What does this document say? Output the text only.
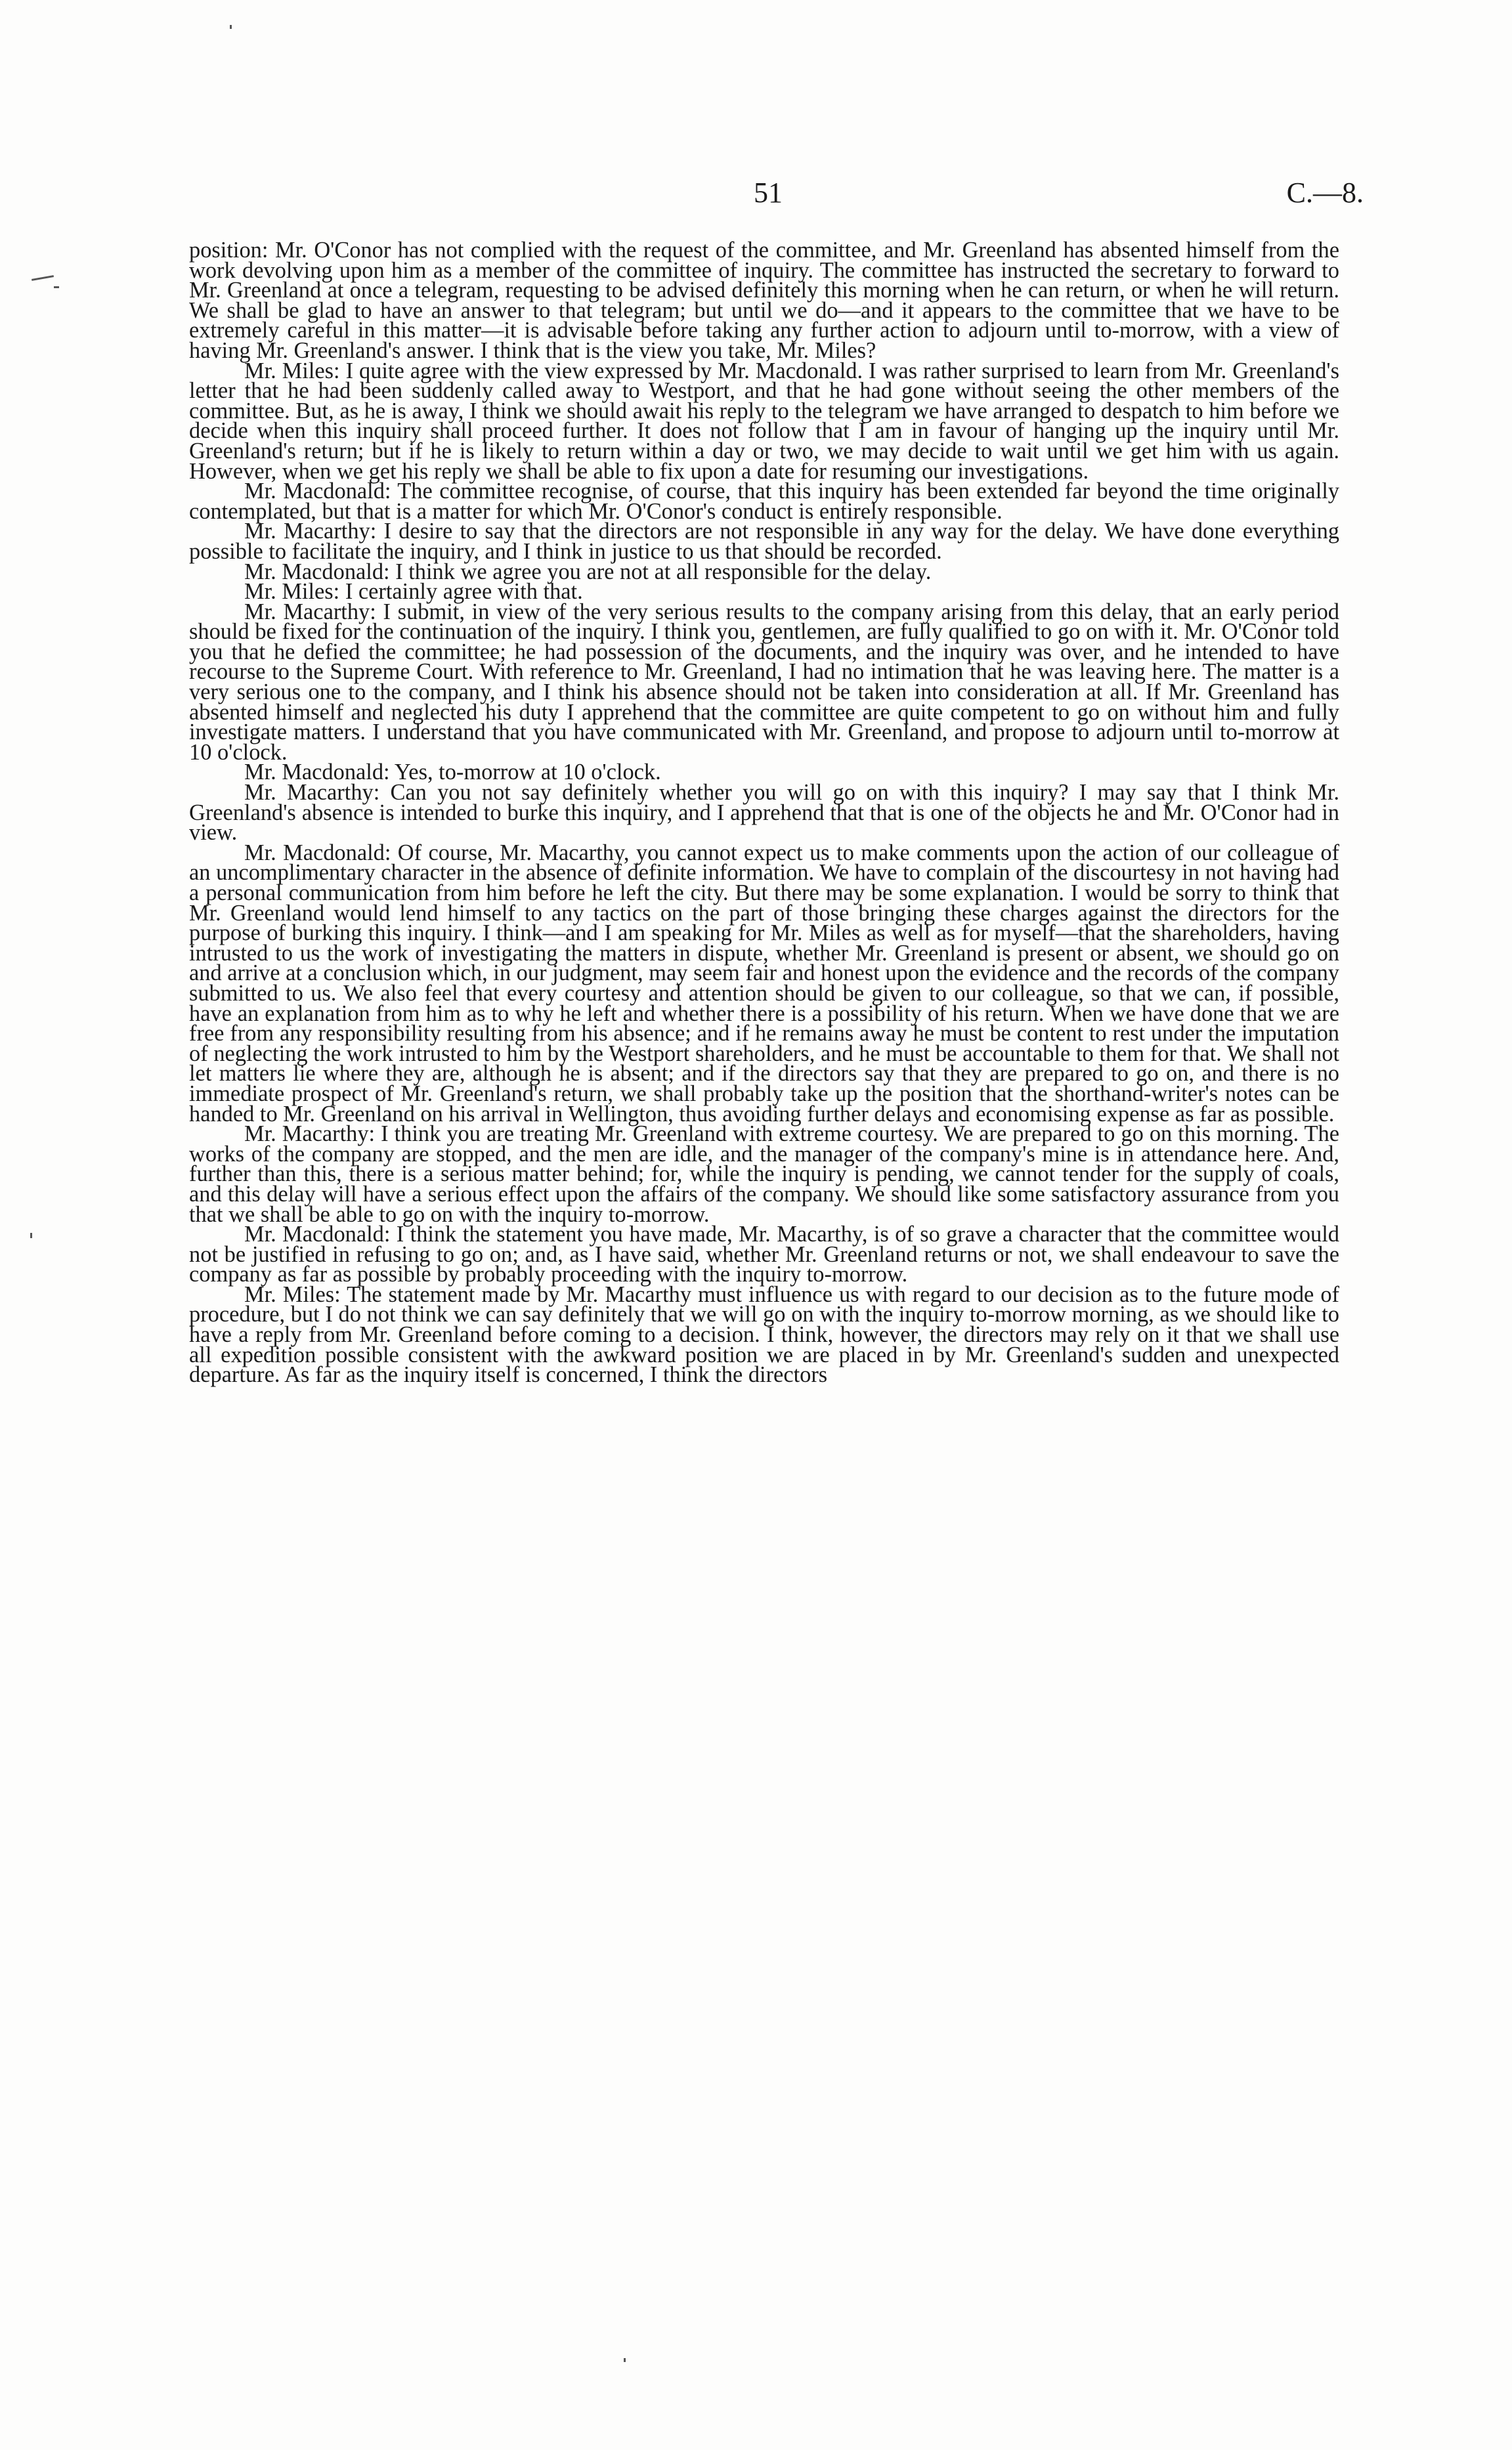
51	C.—8.

position: Mr. O'Conor has not complied with the request of the committee, and Mr. Greenland has absented himself from the work devolving upon him as a member of the committee of inquiry. The committee has instructed the secretary to forward to Mr. Greenland at once a telegram, requesting to be advised definitely this morning when he can return, or when he will return. We shall be glad to have an answer to that telegram; but until we do—and it appears to the committee that we have to be extremely careful in this matter—it is advisable before taking any further action to adjourn until to-morrow, with a view of having Mr. Greenland's answer. I think that is the view you take, Mr. Miles?

Mr. Miles: I quite agree with the view expressed by Mr. Macdonald. I was rather surprised to learn from Mr. Greenland's letter that he had been suddenly called away to Westport, and that he had gone without seeing the other members of the committee. But, as he is away, I think we should await his reply to the telegram we have arranged to despatch to him before we decide when this inquiry shall proceed further. It does not follow that I am in favour of hanging up the inquiry until Mr. Greenland's return; but if he is likely to return within a day or two, we may decide to wait until we get him with us again. However, when we get his reply we shall be able to fix upon a date for resuming our investigations.

Mr. Macdonald: The committee recognise, of course, that this inquiry has been extended far beyond the time originally contemplated, but that is a matter for which Mr. O'Conor's conduct is entirely responsible.

Mr. Macarthy: I desire to say that the directors are not responsible in any way for the delay. We have done everything possible to facilitate the inquiry, and I think in justice to us that should be recorded.

Mr. Macdonald: I think we agree you are not at all responsible for the delay.

Mr. Miles: I certainly agree with that.

Mr. Macarthy: I submit, in view of the very serious results to the company arising from this delay, that an early period should be fixed for the continuation of the inquiry. I think you, gentlemen, are fully qualified to go on with it. Mr. O'Conor told you that he defied the committee; he had possession of the documents, and the inquiry was over, and he intended to have recourse to the Supreme Court. With reference to Mr. Greenland, I had no intimation that he was leaving here. The matter is a very serious one to the company, and I think his absence should not be taken into consideration at all. If Mr. Greenland has absented himself and neglected his duty I apprehend that the committee are quite competent to go on without him and fully investigate matters. I understand that you have communicated with Mr. Greenland, and propose to adjourn until to-morrow at 10 o'clock.

Mr. Macdonald: Yes, to-morrow at 10 o'clock.

Mr. Macarthy: Can you not say definitely whether you will go on with this inquiry? I may say that I think Mr. Greenland's absence is intended to burke this inquiry, and I apprehend that that is one of the objects he and Mr. O'Conor had in view.

Mr. Macdonald: Of course, Mr. Macarthy, you cannot expect us to make comments upon the action of our colleague of an uncomplimentary character in the absence of definite information. We have to complain of the discourtesy in not having had a personal communication from him before he left the city. But there may be some explanation. I would be sorry to think that Mr. Greenland would lend himself to any tactics on the part of those bringing these charges against the directors for the purpose of burking this inquiry. I think—and I am speaking for Mr. Miles as well as for myself—that the shareholders, having intrusted to us the work of investigating the matters in dispute, whether Mr. Greenland is present or absent, we should go on and arrive at a conclusion which, in our judgment, may seem fair and honest upon the evidence and the records of the company submitted to us. We also feel that every courtesy and attention should be given to our colleague, so that we can, if possible, have an explanation from him as to why he left and whether there is a possibility of his return. When we have done that we are free from any responsibility resulting from his absence; and if he remains away he must be content to rest under the imputation of neglecting the work intrusted to him by the Westport shareholders, and he must be accountable to them for that. We shall not let matters lie where they are, although he is absent; and if the directors say that they are prepared to go on, and there is no immediate prospect of Mr. Greenland's return, we shall probably take up the position that the shorthand-writer's notes can be handed to Mr. Greenland on his arrival in Wellington, thus avoiding further delays and economising expense as far as possible.

Mr. Macarthy: I think you are treating Mr. Greenland with extreme courtesy. We are prepared to go on this morning. The works of the company are stopped, and the men are idle, and the manager of the company's mine is in attendance here. And, further than this, there is a serious matter behind; for, while the inquiry is pending, we cannot tender for the supply of coals, and this delay will have a serious effect upon the affairs of the company. We should like some satisfactory assurance from you that we shall be able to go on with the inquiry to-morrow.

Mr. Macdonald: I think the statement you have made, Mr. Macarthy, is of so grave a character that the committee would not be justified in refusing to go on; and, as I have said, whether Mr. Greenland returns or not, we shall endeavour to save the company as far as possible by probably proceeding with the inquiry to-morrow.

Mr. Miles: The statement made by Mr. Macarthy must influence us with regard to our decision as to the future mode of procedure, but I do not think we can say definitely that we will go on with the inquiry to-morrow morning, as we should like to have a reply from Mr. Greenland before coming to a decision. I think, however, the directors may rely on it that we shall use all expedition possible consistent with the awkward position we are placed in by Mr. Greenland's sudden and unexpected departure. As far as the inquiry itself is concerned, I think the directors
